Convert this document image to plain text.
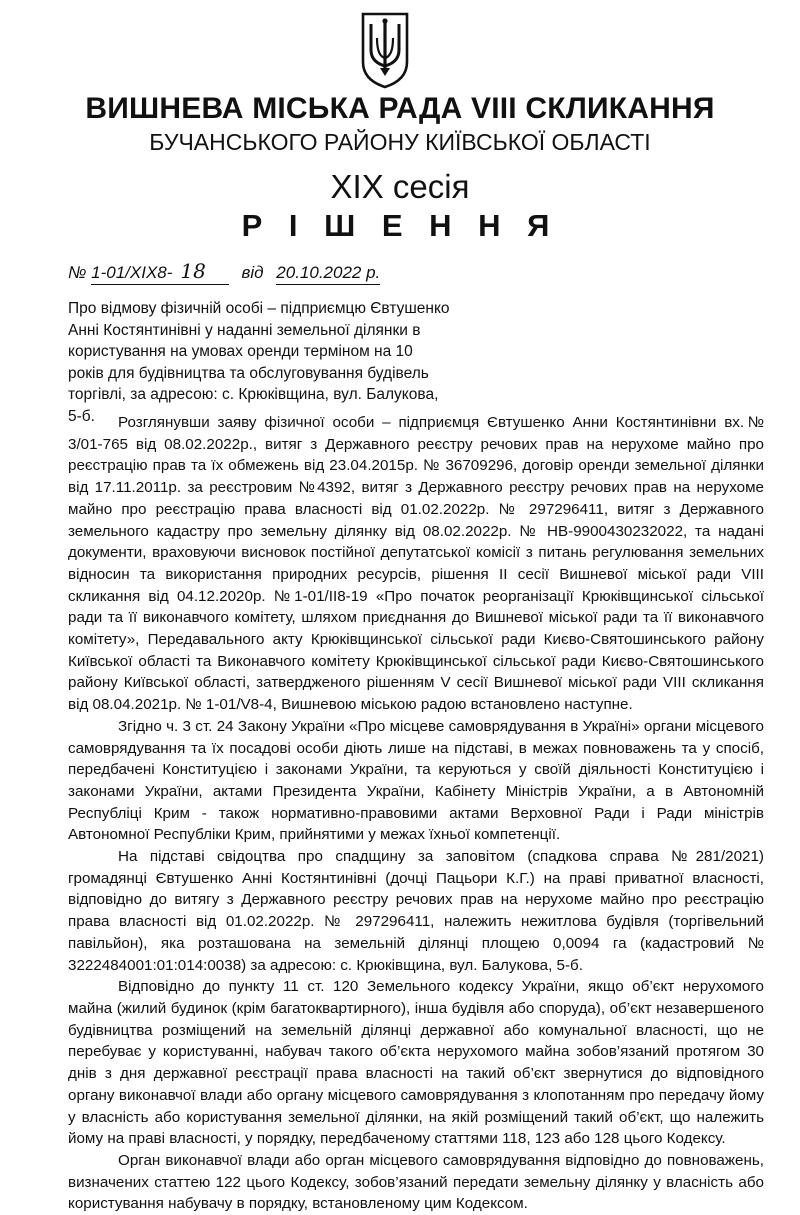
ВИШНЕВА МІСЬКА РАДА VIII СКЛИКАННЯ
БУЧАНСЬКОГО РАЙОНУ КИЇВСЬКОЇ ОБЛАСТІ
XIX сесія
Р І Ш Е Н Н Я
№ 1-01/XIX8- 18 від 20.10.2022 р.
Про відмову фізичній особі – підприємцю Євтушенко Анні Костянтинівні у наданні земельної ділянки в користування на умовах оренди терміном на 10 років для будівництва та обслуговування будівель торгівлі, за адресою: с. Крюківщина, вул. Балукова, 5-б.	Розглянувши заяву фізичної особи – підприємця Євтушенко Анни Костянтинівни вх.№ 3/01-765 від 08.02.2022р., витяг з Державного реєстру речових прав на нерухоме майно про реєстрацію прав та їх обмежень від 23.04.2015р. № 36709296, договір оренди земельної ділянки від 17.11.2011р. за реєстровим №4392, витяг з Державного реєстру речових прав на нерухоме майно про реєстрацію права власності від 01.02.2022р. № 297296411, витяг з Державного земельного кадастру про земельну ділянку від 08.02.2022р. № НВ-9900430232022, та надані документи, враховуючи висновок постійної депутатської комісії з питань регулювання земельних відносин та використання природних ресурсів, рішення II сесії Вишневої міської ради VIII скликання від 04.12.2020р. №1-01/II8-19 «Про початок реорганізації Крюківщинської сільської ради та її виконавчого комітету, шляхом приєднання до Вишневої міської ради та її виконавчого комітету», Передавального акту Крюківщинської сільської ради Києво-Святошинського району Київської області та Виконавчого комітету Крюківщинської сільської ради Києво-Святошинського району Київської області, затвердженого рішенням V сесії Вишневої міської ради VIII скликання від 08.04.2021р. № 1-01/V8-4, Вишневою міською радою встановлено наступне.

Згідно ч. 3 ст. 24 Закону України «Про місцеве самоврядування в Україні» органи місцевого самоврядування та їх посадові особи діють лише на підставі, в межах повноважень та у спосіб, передбачені Конституцією і законами України, та керуються у своїй діяльності Конституцією і законами України, актами Президента України, Кабінету Міністрів України, а в Автономній Республіці Крим - також нормативно-правовими актами Верховної Ради і Ради міністрів Автономної Республіки Крим, прийнятими у межах їхньої компетенції.

На підставі свідоцтва про спадщину за заповітом (спадкова справа №281/2021) громадянці Євтушенко Анні Костянтинівні (дочці Пацьори К.Г.) на праві приватної власності, відповідно до витягу з Державного реєстру речових прав на нерухоме майно про реєстрацію права власності від 01.02.2022р. № 297296411, належить нежитлова будівля (торгівельний павільйон), яка розташована на земельній ділянці площею 0,0094 га (кадастровий № 3222484001:01:014:0038) за адресою: с. Крюківщина, вул. Балукова, 5-б.

Відповідно до пункту 11 ст. 120 Земельного кодексу України, якщо об’єкт нерухомого майна (жилий будинок (крім багатоквартирного), інша будівля або споруда), об’єкт незавершеного будівництва розміщений на земельній ділянці державної або комунальної власності, що не перебуває у користуванні, набувач такого об’єкта нерухомого майна зобов’язаний протягом 30 днів з дня державної реєстрації права власності на такий об’єкт звернутися до відповідного органу виконавчої влади або органу місцевого самоврядування з клопотанням про передачу йому у власність або користування земельної ділянки, на якій розміщений такий об’єкт, що належить йому на праві власності, у порядку, передбаченому статтями 118, 123 або 128 цього Кодексу.

Орган виконавчої влади або орган місцевого самоврядування відповідно до повноважень, визначених статтею 122 цього Кодексу, зобов’язаний передати земельну ділянку у власність або користування набувачу в порядку, встановленому цим Кодексом.
